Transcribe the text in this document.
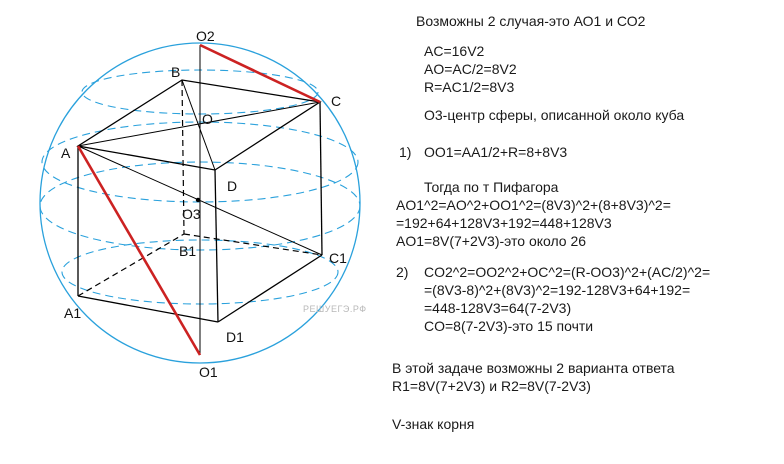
O2
B
C
O
A
D
O3
B1	C1
A1
D1
O1
РЕШУЕГЭ.РФ
Возможны 2 случая-это АО1 и СО2
AC=16V2
AO=AC/2=8V2
R=AC1/2=8V3
О3-центр сферы, описанной около куба
1) OO1=AA1/2+R=8+8V3
Тогда по т Пифагора
AO1^2=AO^2+OO1^2=(8V3)^2+(8+8V3)^2=
=192+64+128V3+192=448+128V3
AO1=8V(7+2V3)-это около 26
2) CO2^2=OO2^2+OC^2=(R-OO3)^2+(AC/2)^2=
=(8V3-8)^2+(8V3)^2=192-128V3+64+192=
=448-128V3=64(7-2V3)
CO=8(7-2V3)-это 15 почти
В этой задаче возможны 2 варианта ответа
R1=8V(7+2V3) и R2=8V(7-2V3)
V-знак корня
